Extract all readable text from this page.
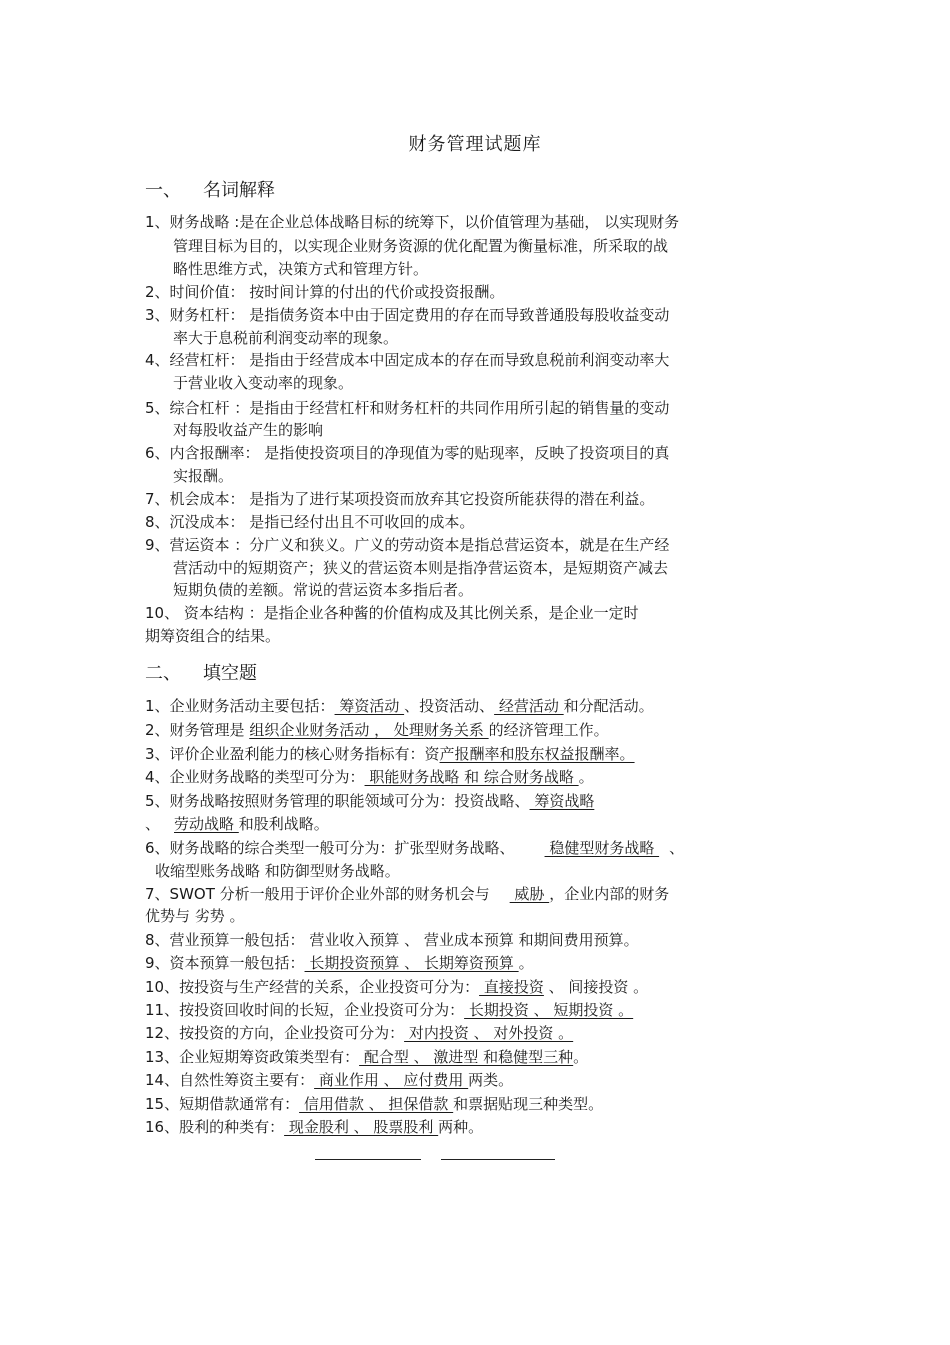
财务管理试题库
一、 名词解释
1、财务战略 :是在企业总体战略目标的统筹下，以价值管理为基础， 以实现财务
管理目标为目的，以实现企业财务资源的优化配置为衡量标准，所采取的战
略性思维方式，决策方式和管理方针。
2、时间价值： 按时间计算的付出的代价或投资报酬。
3、财务杠杆： 是指债务资本中由于固定费用的存在而导致普通股每股收益变动
率大于息税前利润变动率的现象。
4、经营杠杆： 是指由于经营成本中固定成本的存在而导致息税前利润变动率大
于营业收入变动率的现象。
5、综合杠杆 ：是指由于经营杠杆和财务杠杆的共同作用所引起的销售量的变动
对每股收益产生的影响
6、内含报酬率： 是指使投资项目的净现值为零的贴现率，反映了投资项目的真
实报酬。
7、机会成本： 是指为了进行某项投资而放弃其它投资所能获得的潜在利益。
8、沉没成本： 是指已经付出且不可收回的成本。
9、营运资本 ：分广义和狭义。广义的劳动资本是指总营运资本，就是在生产经
营活动中的短期资产；狭义的营运资本则是指净营运资本，是短期资产减去
短期负债的差额。常说的营运资本多指后者。
10、 资本结构 ：是指企业各种酱的价值构成及其比例关系，是企业一定时
期筹资组合的结果。
二、 填空题
1、企业财务活动主要包括： 筹资活动 、投资活动、 经营活动 和分配活动。
2、财务管理是 组织企业财务活动 ， 处理财务关系 的经济管理工作。
3、评价企业盈利能力的核心财务指标有：资产报酬率和股东权益报酬率。
4、企业财务战略的类型可分为： 职能财务战略 和 综合财务战略 。
5、财务战略按照财务管理的职能领域可分为：投资战略、 筹资战略
、 劳动战略 和股利战略。
6、财务战略的综合类型一般可分为：扩张型财务战略、 稳健型财务战略 、
收缩型账务战略 和防御型财务战略。
7、SWOT 分析一般用于评价企业外部的财务机会与 威胁 ，企业内部的财务
优势与 劣势 。
8、营业预算一般包括： 营业收入预算 、 营业成本预算 和期间费用预算。
9、资本预算一般包括： 长期投资预算 、 长期筹资预算 。
10、按投资与生产经营的关系，企业投资可分为： 直接投资 、 间接投资 。
11、按投资回收时间的长短，企业投资可分为： 长期投资 、 短期投资 。
12、按投资的方向，企业投资可分为： 对内投资 、 对外投资 。
13、企业短期筹资政策类型有： 配合型 、 激进型 和稳健型三种。
14、自然性筹资主要有： 商业作用 、 应付费用 两类。
15、短期借款通常有： 信用借款 、 担保借款 和票据贴现三种类型。
16、股利的种类有： 现金股利 、 股票股利 两种。
